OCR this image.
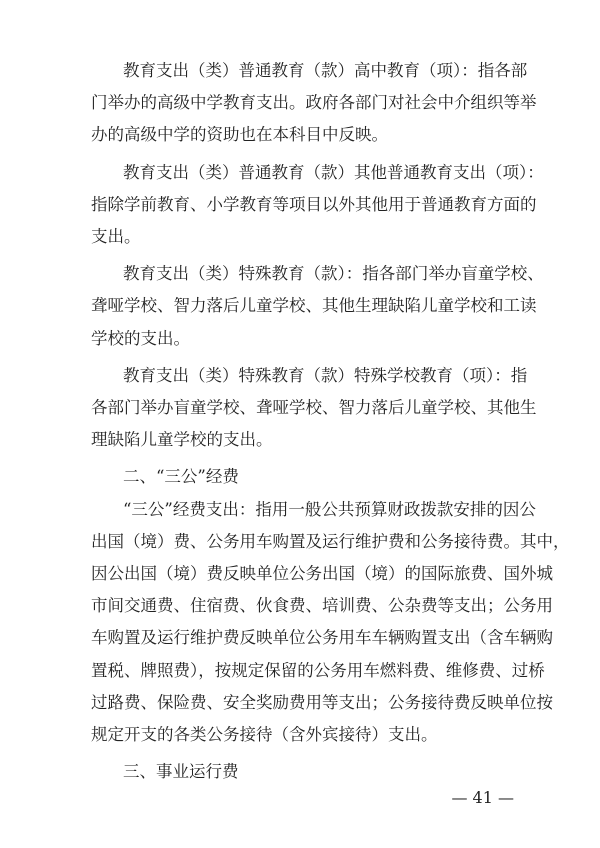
教育支出（类）普通教育（款）高中教育（项）：指各部
门举办的高级中学教育支出。政府各部门对社会中介组织等举
办的高级中学的资助也在本科目中反映。
教育支出（类）普通教育（款）其他普通教育支出（项）：
指除学前教育、小学教育等项目以外其他用于普通教育方面的
支出。
教育支出（类）特殊教育（款）：指各部门举办盲童学校、
聋哑学校、智力落后儿童学校、其他生理缺陷儿童学校和工读
学校的支出。
教育支出（类）特殊教育（款）特殊学校教育（项）：指
各部门举办盲童学校、聋哑学校、智力落后儿童学校、其他生
理缺陷儿童学校的支出。
二、“三公”经费
“三公”经费支出：指用一般公共预算财政拨款安排的因公
出国（境）费、公务用车购置及运行维护费和公务接待费。其中，
因公出国（境）费反映单位公务出国（境）的国际旅费、国外城
市间交通费、住宿费、伙食费、培训费、公杂费等支出；公务用
车购置及运行维护费反映单位公务用车车辆购置支出（含车辆购
置税、牌照费），按规定保留的公务用车燃料费、维修费、过桥
过路费、保险费、安全奖励费用等支出；公务接待费反映单位按
规定开支的各类公务接待（含外宾接待）支出。
三、事业运行费
— 41 —
